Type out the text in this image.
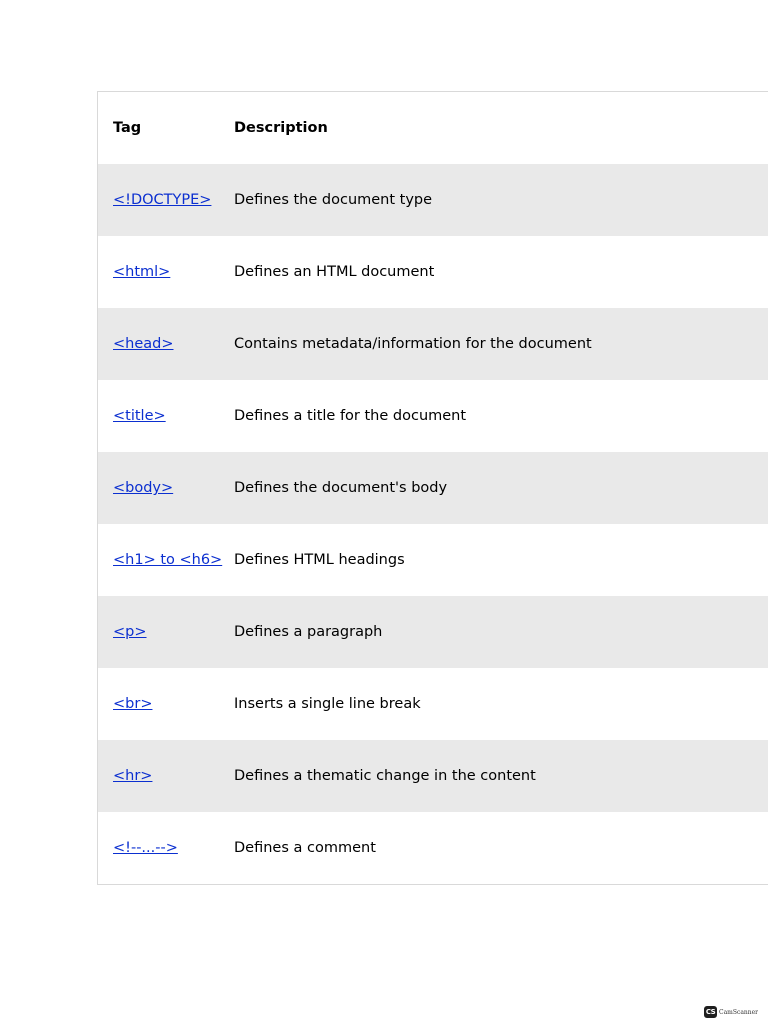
Tag	Description
<!DOCTYPE>	Defines the document type
<html>	Defines an HTML document
<head>	Contains metadata/information for the document
<title>	Defines a title for the document
<body>	Defines the document's body
<h1> to <h6>	Defines HTML headings
<p>	Defines a paragraph
<br>	Inserts a single line break
<hr>	Defines a thematic change in the content
<!--...-->	Defines a comment
CS CamScanner
